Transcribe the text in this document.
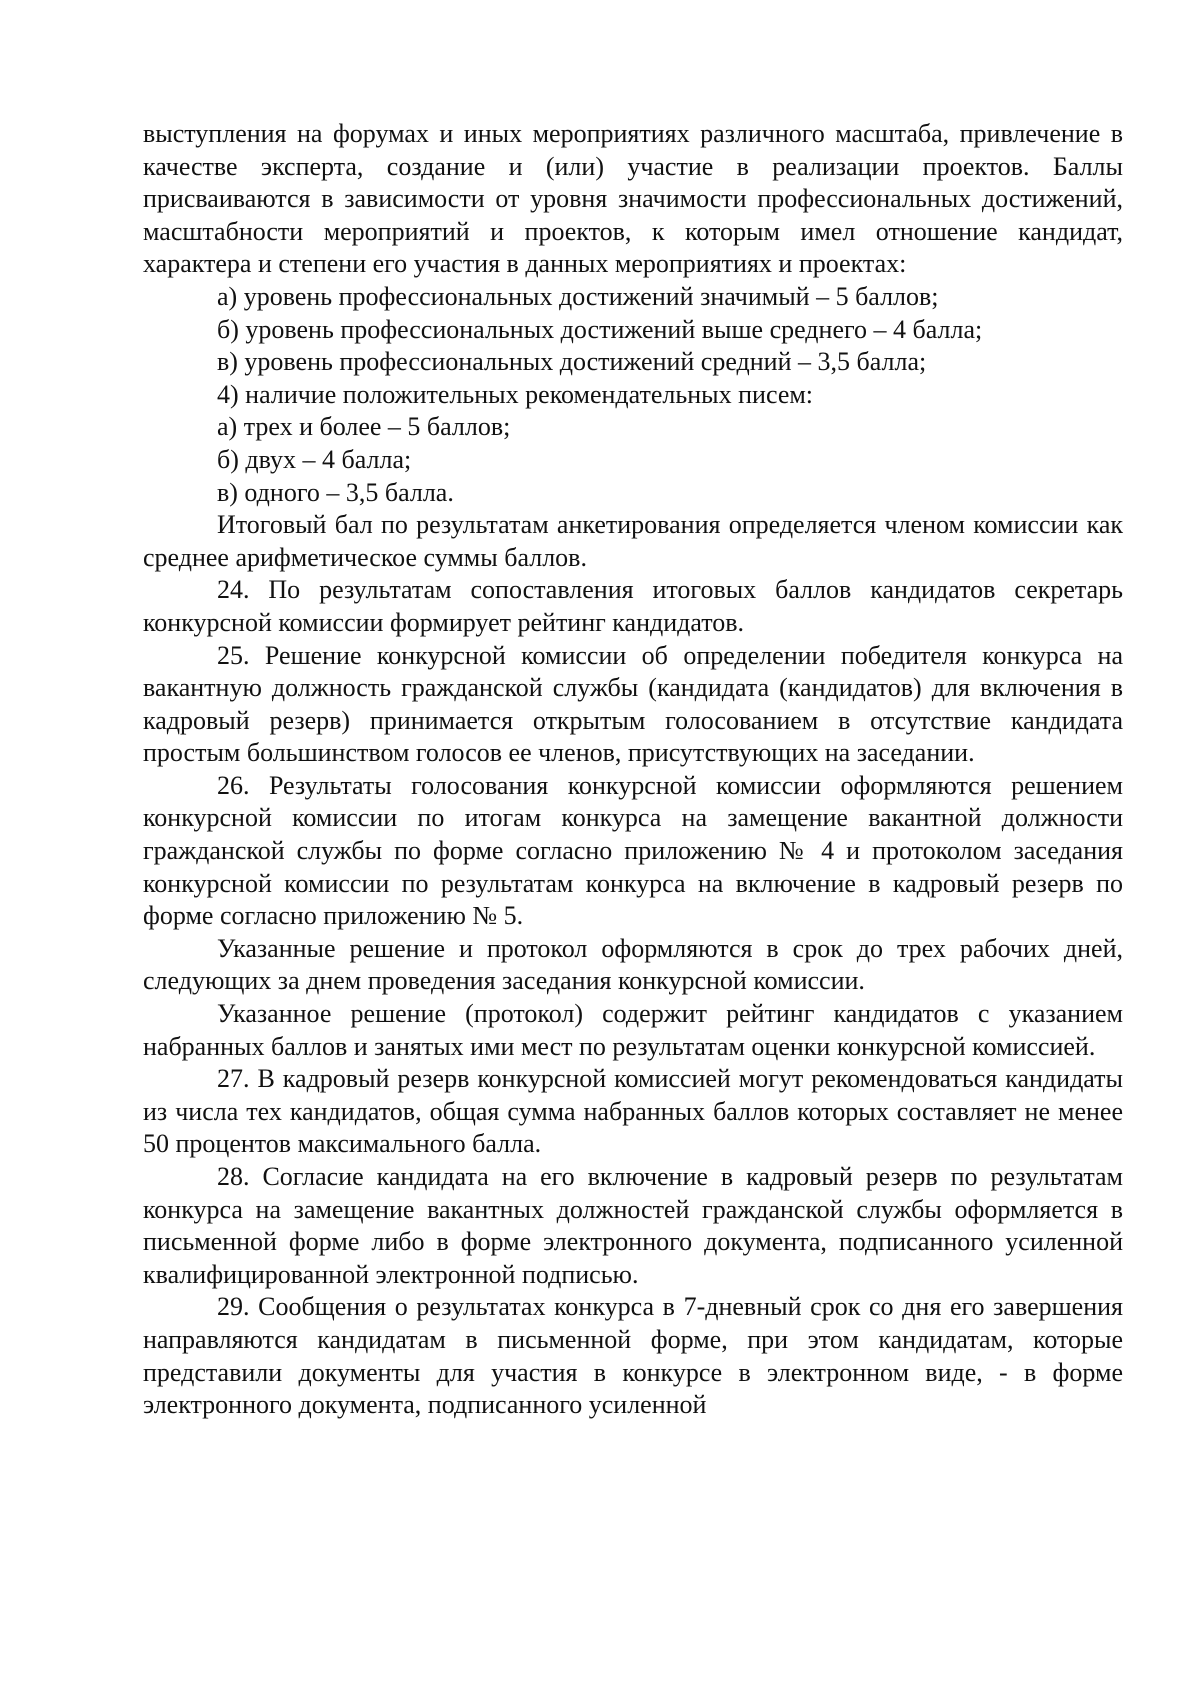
выступления на форумах и иных мероприятиях различного масштаба, привлечение в качестве эксперта, создание и (или) участие в реализации проектов. Баллы присваиваются в зависимости от уровня значимости профессиональных достижений, масштабности мероприятий и проектов, к которым имел отношение кандидат, характера и степени его участия в данных мероприятиях и проектах:

а) уровень профессиональных достижений значимый – 5 баллов;

б) уровень профессиональных достижений выше среднего – 4 балла;

в) уровень профессиональных достижений средний – 3,5 балла;

4) наличие положительных рекомендательных писем:

а) трех и более – 5 баллов;

б) двух – 4 балла;

в) одного – 3,5 балла.

Итоговый бал по результатам анкетирования определяется членом комиссии как среднее арифметическое суммы баллов.

24. По результатам сопоставления итоговых баллов кандидатов секретарь конкурсной комиссии формирует рейтинг кандидатов.

25. Решение конкурсной комиссии об определении победителя конкурса на вакантную должность гражданской службы (кандидата (кандидатов) для включения в кадровый резерв) принимается открытым голосованием в отсутствие кандидата простым большинством голосов ее членов, присутствующих на заседании.

26. Результаты голосования конкурсной комиссии оформляются решением конкурсной комиссии по итогам конкурса на замещение вакантной должности гражданской службы по форме согласно приложению № 4 и протоколом заседания конкурсной комиссии по результатам конкурса на включение в кадровый резерв по форме согласно приложению № 5.

Указанные решение и протокол оформляются в срок до трех рабочих дней, следующих за днем проведения заседания конкурсной комиссии.

Указанное решение (протокол) содержит рейтинг кандидатов с указанием набранных баллов и занятых ими мест по результатам оценки конкурсной комиссией.

27. В кадровый резерв конкурсной комиссией могут рекомендоваться кандидаты из числа тех кандидатов, общая сумма набранных баллов которых составляет не менее 50 процентов максимального балла.

28. Согласие кандидата на его включение в кадровый резерв по результатам конкурса на замещение вакантных должностей гражданской службы оформляется в письменной форме либо в форме электронного документа, подписанного усиленной квалифицированной электронной подписью.

29. Сообщения о результатах конкурса в 7-дневный срок со дня его завершения направляются кандидатам в письменной форме, при этом кандидатам, которые представили документы для участия в конкурсе в электронном виде, - в форме электронного документа, подписанного усиленной
